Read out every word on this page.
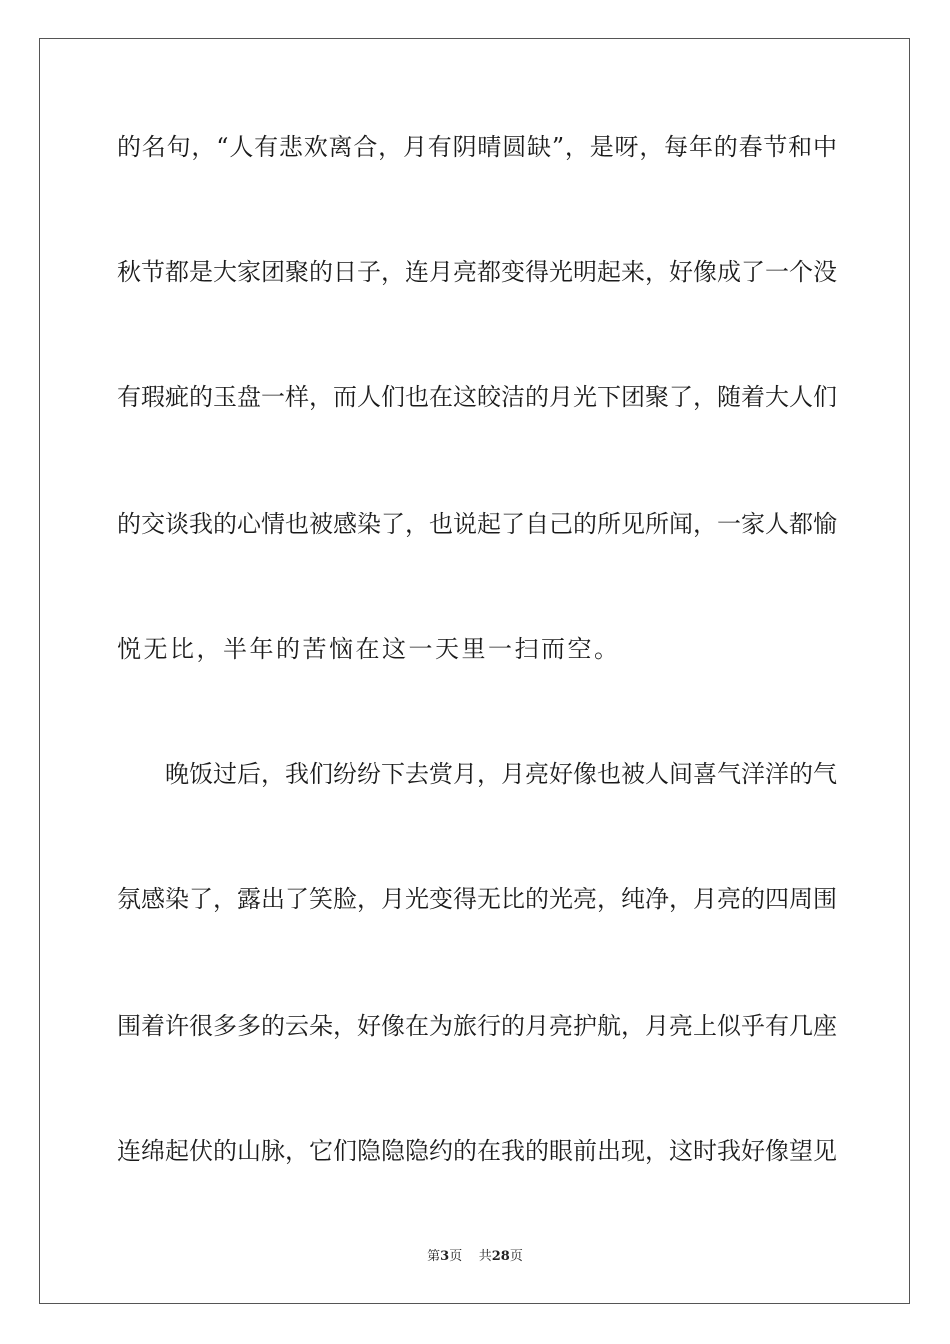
的名句，“人有悲欢离合，月有阴晴圆缺”，是呀，每年的春节和中
秋节都是大家团聚的日子，连月亮都变得光明起来，好像成了一个没
有瑕疵的玉盘一样，而人们也在这皎洁的月光下团聚了，随着大人们
的交谈我的心情也被感染了，也说起了自己的所见所闻，一家人都愉
悦无比，半年的苦恼在这一天里一扫而空。
晚饭过后，我们纷纷下去赏月，月亮好像也被人间喜气洋洋的气
氛感染了，露出了笑脸，月光变得无比的光亮，纯净，月亮的四周围
围着许很多多的云朵，好像在为旅行的月亮护航，月亮上似乎有几座
连绵起伏的山脉，它们隐隐隐约的在我的眼前出现，这时我好像望见
第3页 共28页
